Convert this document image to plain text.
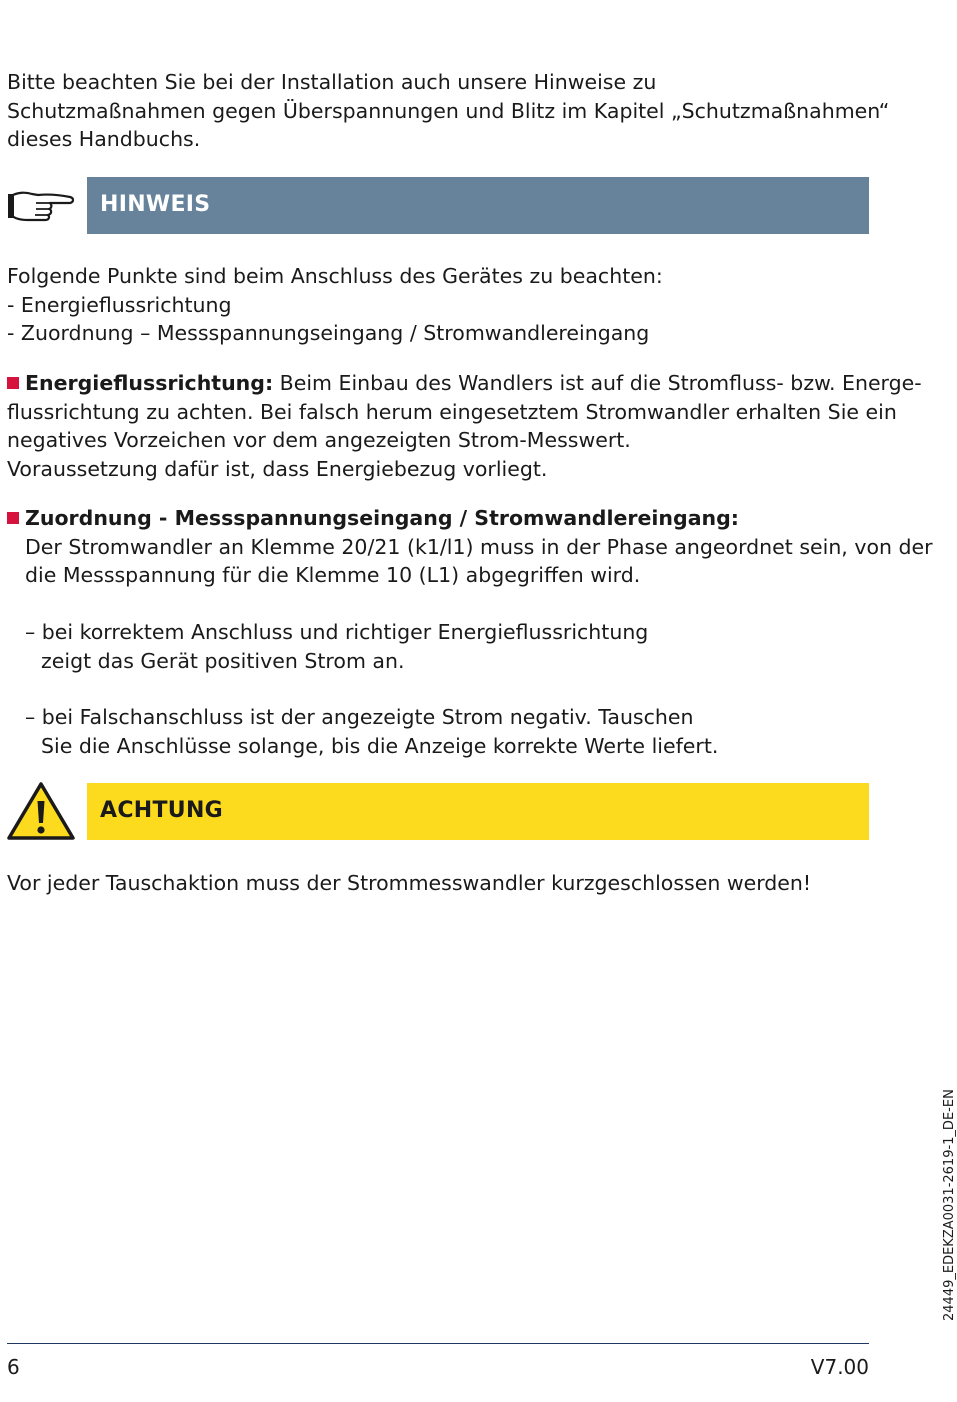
Bitte beachten Sie bei der Installation auch unsere Hinweise zu
Schutzmaßnahmen gegen Überspannungen und Blitz im Kapitel „Schutzmaßnahmen“
dieses Handbuchs.
HINWEIS
Folgende Punkte sind beim Anschluss des Gerätes zu beachten:
- Energieflussrichtung
- Zuordnung – Messspannungseingang / Stromwandlereingang
Energieflussrichtung: Beim Einbau des Wandlers ist auf die Stromfluss- bzw. Energe-
flussrichtung zu achten. Bei falsch herum eingesetztem Stromwandler erhalten Sie ein
negatives Vorzeichen vor dem angezeigten Strom-Messwert.
Voraussetzung dafür ist, dass Energiebezug vorliegt.
Zuordnung - Messspannungseingang / Stromwandlereingang:
Der Stromwandler an Klemme 20/21 (k1/l1) muss in der Phase angeordnet sein, von der
die Messspannung für die Klemme 10 (L1) abgegriffen wird.
– bei korrektem Anschluss und richtiger Energieflussrichtung
zeigt das Gerät positiven Strom an.
– bei Falschanschluss ist der angezeigte Strom negativ. Tauschen
Sie die Anschlüsse solange, bis die Anzeige korrekte Werte liefert.
ACHTUNG
Vor jeder Tauschaktion muss der Strommesswandler kurzgeschlossen werden!
24449_EDEKZA0031-2619-1_DE-EN
6	V7.00
